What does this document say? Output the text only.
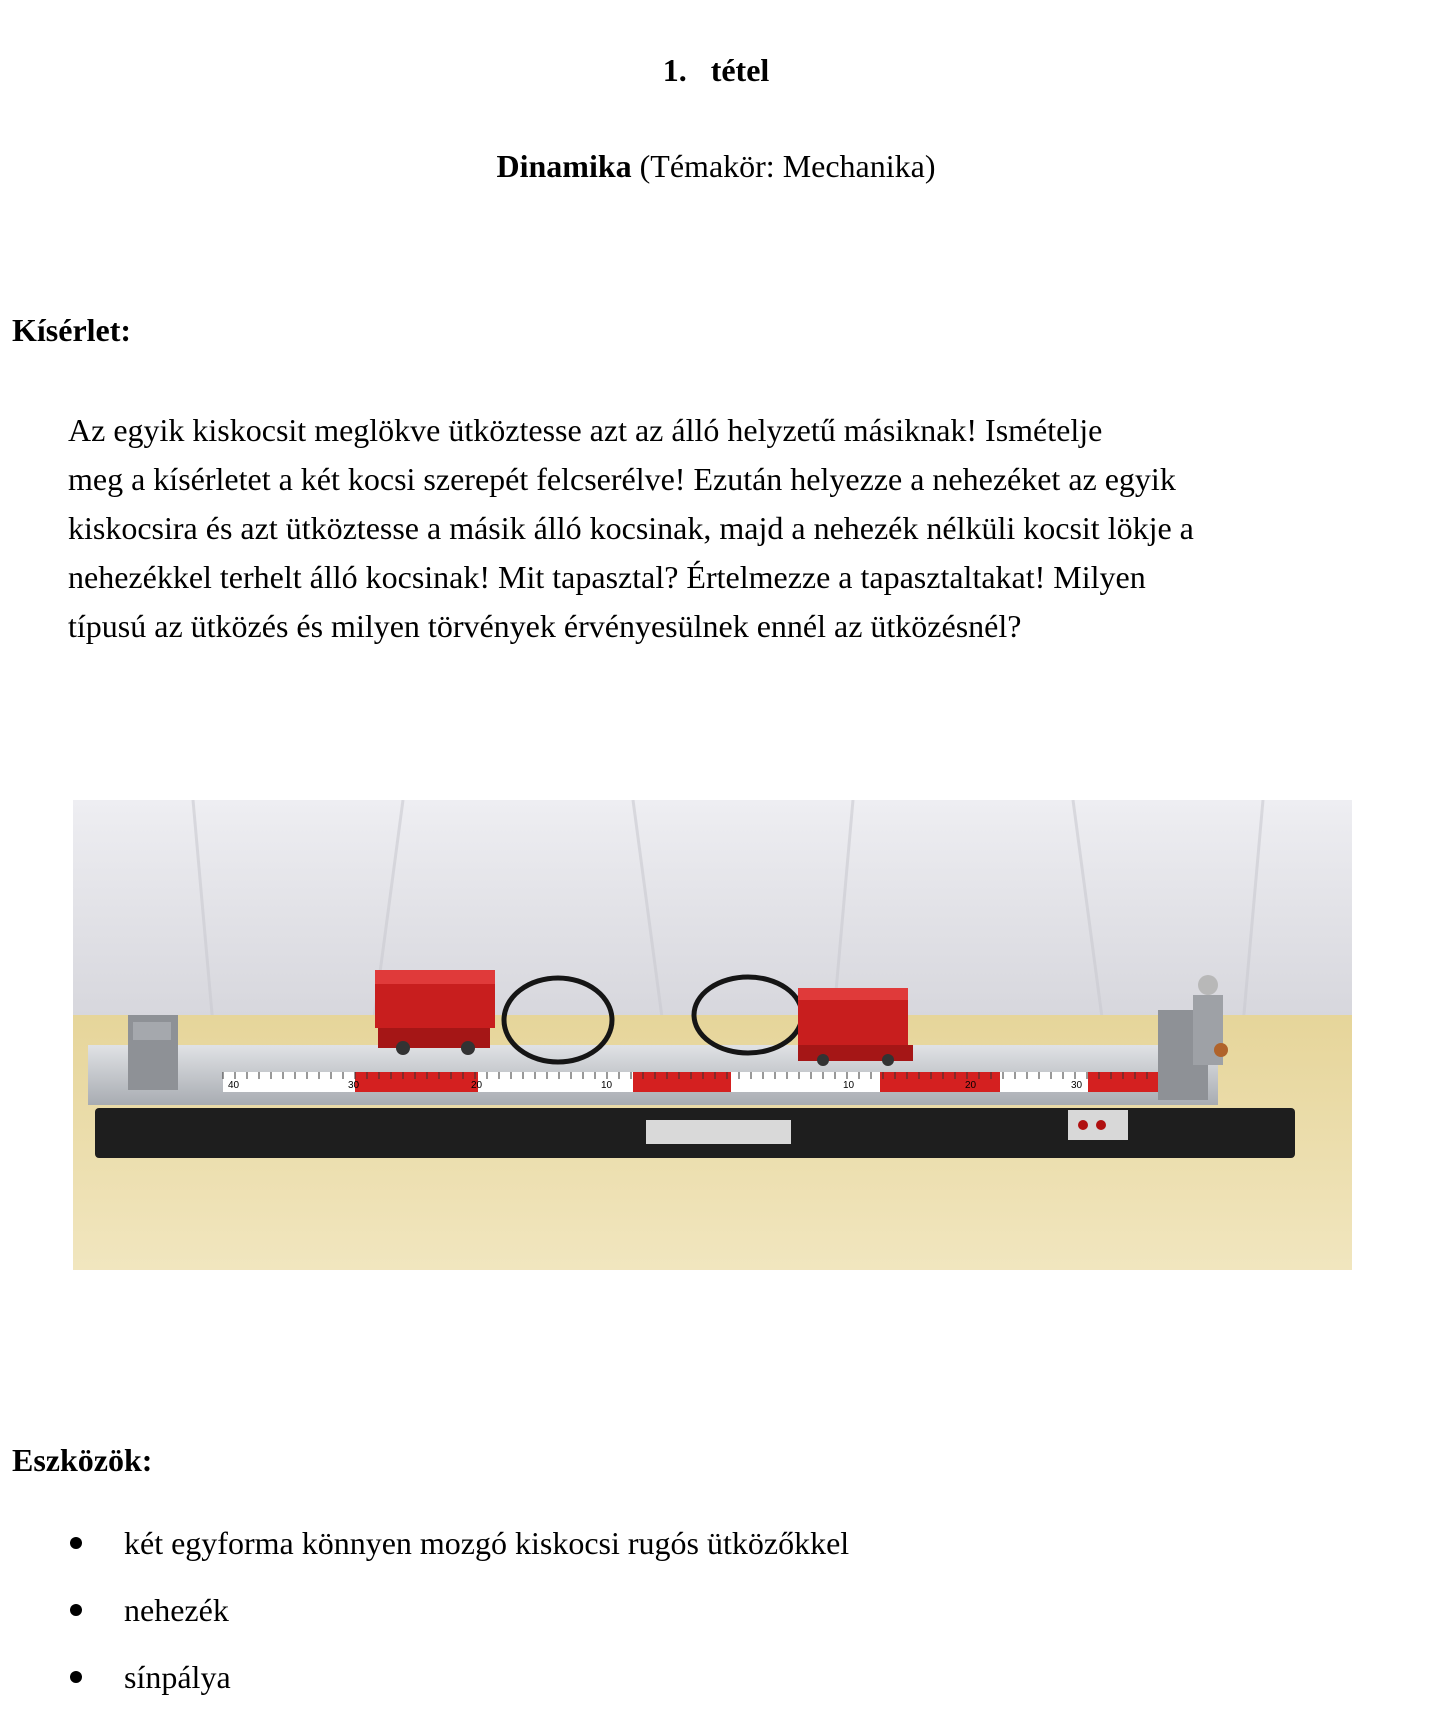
1. tétel
Dinamika (Témakör: Mechanika)
Kísérlet:
Az egyik kiskocsit meglökve ütköztesse azt az álló helyzetű másiknak! Ismételje
meg a kísérletet a két kocsi szerepét felcserélve! Ezután helyezze a nehezéket az egyik
kiskocsira és azt ütköztesse a másik álló kocsinak, majd a nehezék nélküli kocsit lökje a
nehezékkel terhelt álló kocsinak! Mit tapasztal? Értelmezze a tapasztaltakat! Milyen
típusú az ütközés és milyen törvények érvényesülnek ennél az ütközésnél?
40	30	20	10	10	20	30
Eszközök:
két egyforma könnyen mozgó kiskocsi rugós ütközőkkel
nehezék
sínpálya
